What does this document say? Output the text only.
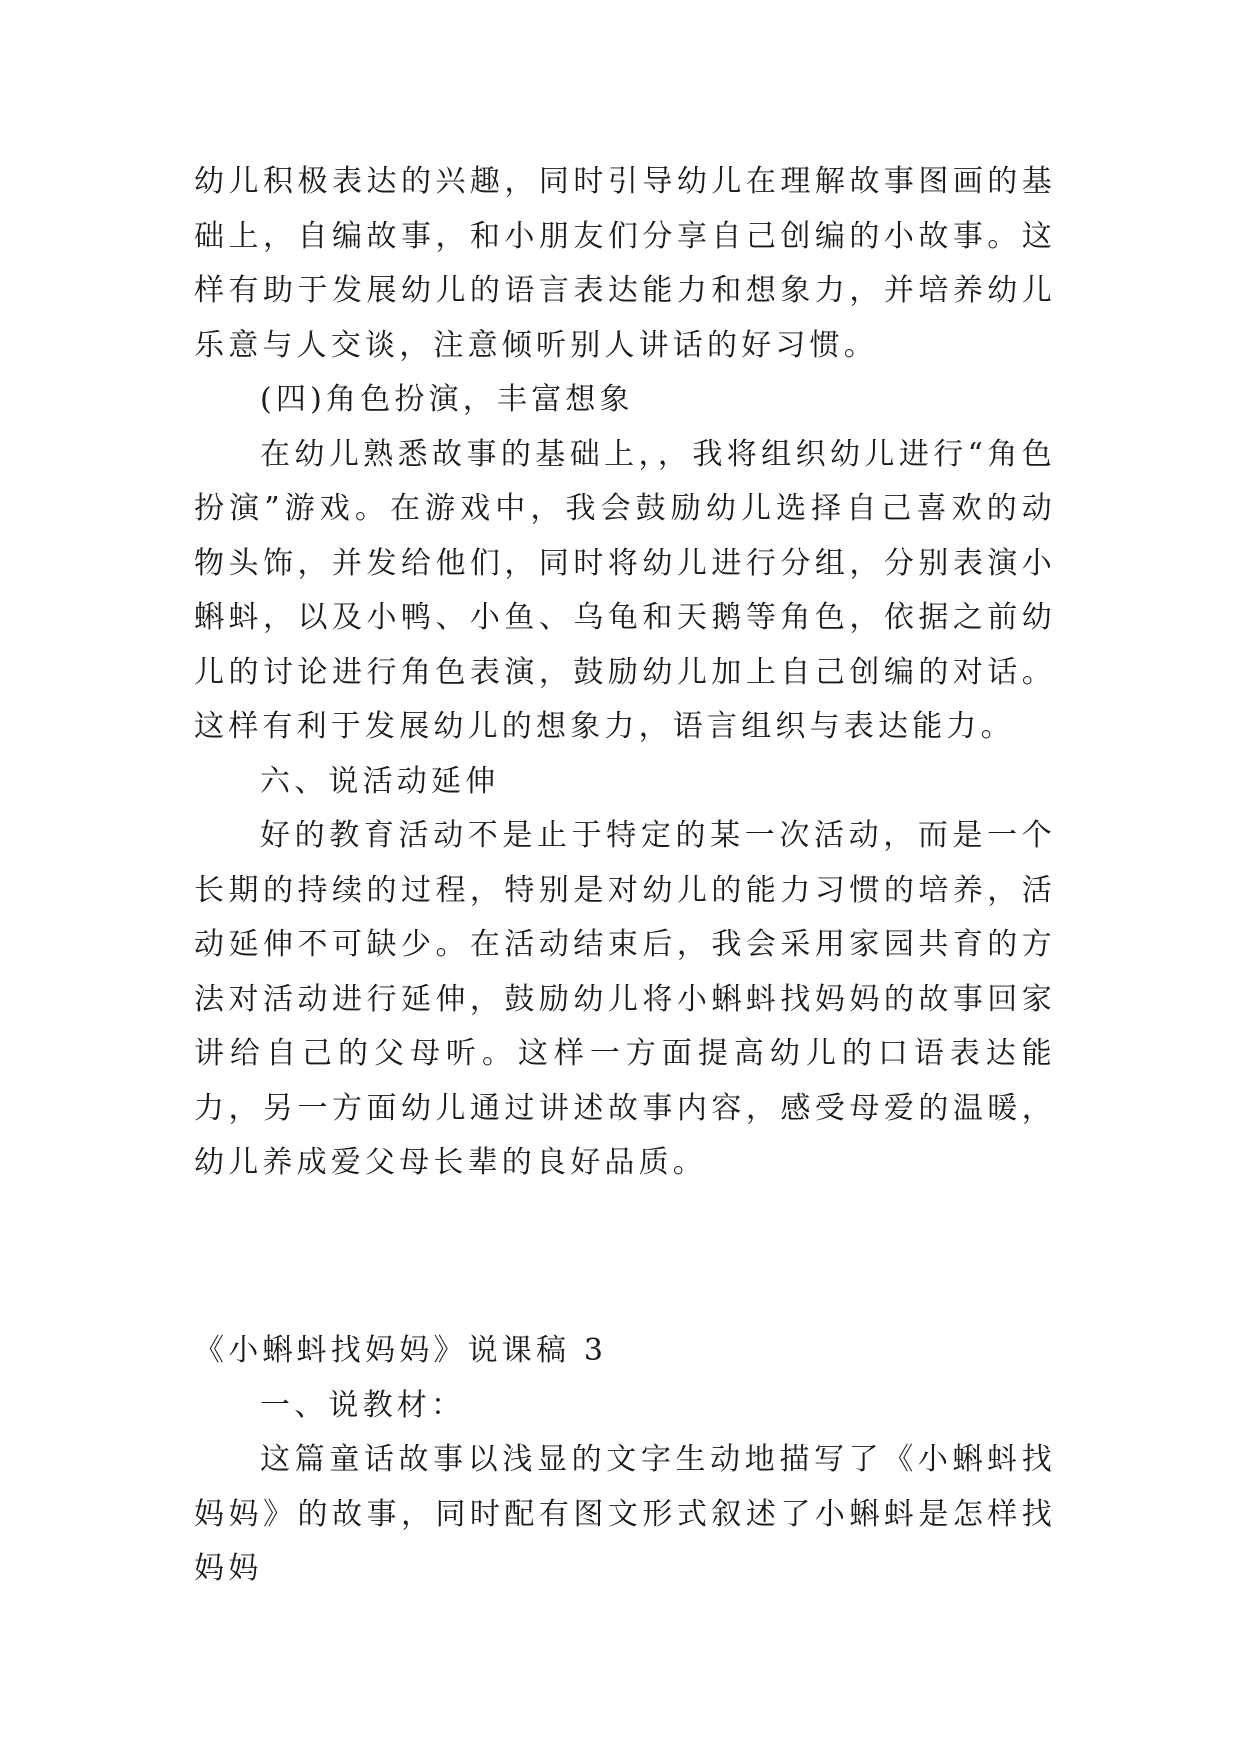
幼儿积极表达的兴趣，同时引导幼儿在理解故事图画的基础上，自编故事，和小朋友们分享自己创编的小故事。这样有助于发展幼儿的语言表达能力和想象力，并培养幼儿乐意与人交谈，注意倾听别人讲话的好习惯。

(四)角色扮演，丰富想象

在幼儿熟悉故事的基础上，，我将组织幼儿进行“角色扮演”游戏。在游戏中，我会鼓励幼儿选择自己喜欢的动物头饰，并发给他们，同时将幼儿进行分组，分别表演小蝌蚪，以及小鸭、小鱼、乌龟和天鹅等角色，依据之前幼儿的讨论进行角色表演，鼓励幼儿加上自己创编的对话。这样有利于发展幼儿的想象力，语言组织与表达能力。

六、说活动延伸

好的教育活动不是止于特定的某一次活动，而是一个长期的持续的过程，特别是对幼儿的能力习惯的培养，活动延伸不可缺少。在活动结束后，我会采用家园共育的方法对活动进行延伸，鼓励幼儿将小蝌蚪找妈妈的故事回家讲给自己的父母听。这样一方面提高幼儿的口语表达能力，另一方面幼儿通过讲述故事内容，感受母爱的温暖，幼儿养成爱父母长辈的良好品质。

《小蝌蚪找妈妈》说课稿 3

一、说教材：

这篇童话故事以浅显的文字生动地描写了《小蝌蚪找妈妈》的故事，同时配有图文形式叙述了小蝌蚪是怎样找妈妈
